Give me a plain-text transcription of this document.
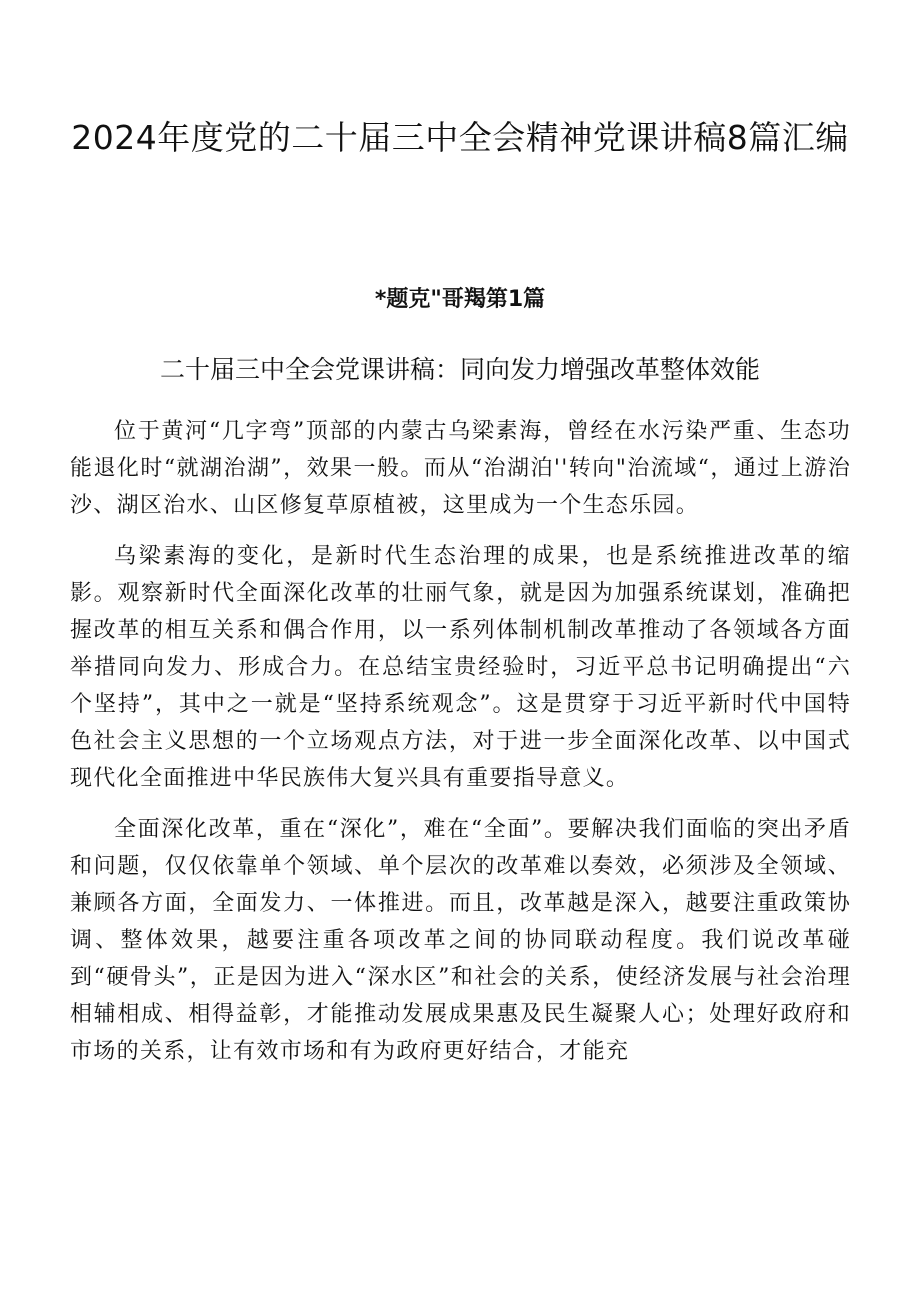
2024年度党的二十届三中全会精神党课讲稿8篇汇编
*题克"哥羯第1篇
二十届三中全会党课讲稿：同向发力增强改革整体效能

位于黄河“几字弯”顶部的内蒙古乌梁素海，曾经在水污染严重、生态功能退化时“就湖治湖”，效果一般。而从“治湖泊''转向"治流域“，通过上游治沙、湖区治水、山区修复草原植被，这里成为一个生态乐园。

乌梁素海的变化，是新时代生态治理的成果，也是系统推进改革的缩影。观察新时代全面深化改革的壮丽气象，就是因为加强系统谋划，准确把握改革的相互关系和偶合作用，以一系列体制机制改革推动了各领域各方面举措同向发力、形成合力。在总结宝贵经验时，习近平总书记明确提出“六个坚持”，其中之一就是“坚持系统观念”。这是贯穿于习近平新时代中国特色社会主义思想的一个立场观点方法，对于进一步全面深化改革、以中国式现代化全面推进中华民族伟大复兴具有重要指导意义。

全面深化改革，重在“深化”，难在“全面”。要解决我们面临的突出矛盾和问题，仅仅依靠单个领域、单个层次的改革难以奏效，必须涉及全领域、兼顾各方面，全面发力、一体推进。而且，改革越是深入，越要注重政策协调、整体效果，越要注重各项改革之间的协同联动程度。我们说改革碰到“硬骨头”，正是因为进入“深水区”和社会的关系，使经济发展与社会治理相辅相成、相得益彰，才能推动发展成果惠及民生凝聚人心；处理好政府和市场的关系，让有效市场和有为政府更好结合，才能充
